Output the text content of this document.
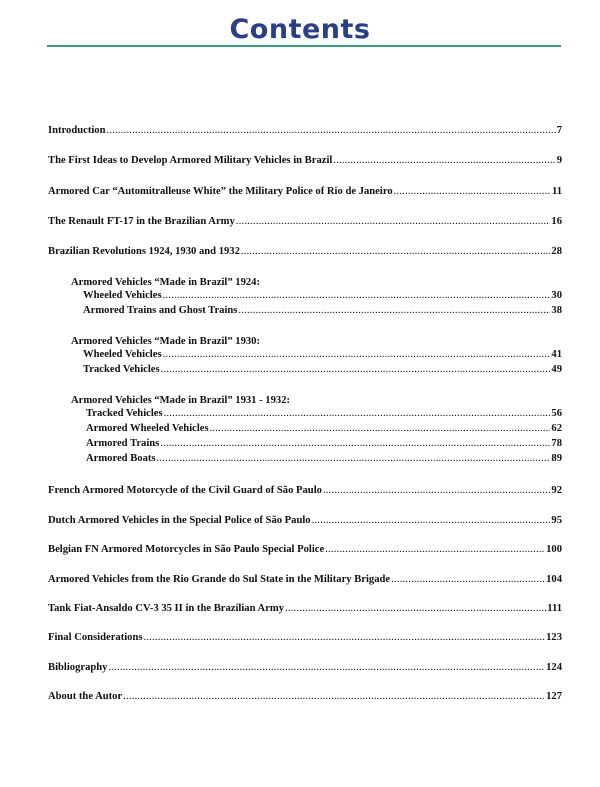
Contents
Introduction .....	7
The First Ideas to Develop Armored Military Vehicles in Brazil .....	9
Armored Car “Automitralleuse White” the Military Police of Rio de Janeiro .....	11
The Renault FT-17 in the Brazilian Army .....	16
Brazilian Revolutions 1924, 1930 and 1932 .....	28
Armored Vehicles “Made in Brazil” 1924:
Wheeled Vehicles .....	30
Armored Trains and Ghost Trains .....	38
Armored Vehicles “Made in Brazil” 1930:
Wheeled Vehicles .....	41
Tracked Vehicles .....	49
Armored Vehicles “Made in Brazil” 1931 - 1932:
Tracked Vehicles .....	56
Armored Wheeled Vehicles .....	62
Armored Trains .....	78
Armored Boats .....	89
French Armored Motorcycle of the Civil Guard of São Paulo .....	92
Dutch Armored Vehicles in the Special Police of São Paulo .....	95
Belgian FN Armored Motorcycles in São Paulo Special Police .....	100
Armored Vehicles from the Rio Grande do Sul State in the Military Brigade .....	104
Tank Fiat-Ansaldo CV-3 35 II in the Brazilian Army .....	111
Final Considerations .....	123
Bibliography .....	124
About the Autor .....	127
